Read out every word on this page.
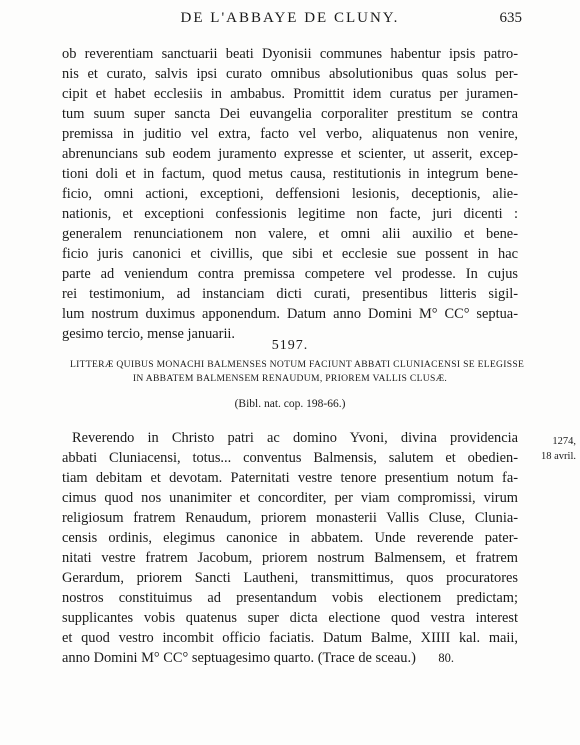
DE L'ABBAYE DE CLUNY.	635
ob reverentiam sanctuarii beati Dyonisii communes habentur ipsis patro-
nis et curato, salvis ipsi curato omnibus absolutionibus quas solus per-
cipit et habet ecclesiis in ambabus. Promittit idem curatus per juramen-
tum suum super sancta Dei euvangelia corporaliter prestitum se contra
premissa in juditio vel extra, facto vel verbo, aliquatenus non venire,
abrenuncians sub eodem juramento expresse et scienter, ut asserit, excep-
tioni doli et in factum, quod metus causa, restitutionis in integrum bene-
ficio, omni actioni, exceptioni, deffensioni lesionis, deceptionis, alie-
nationis, et exceptioni confessionis legitime non facte, juri dicenti :
generalem renunciationem non valere, et omni alii auxilio et bene-
ficio juris canonici et civillis, que sibi et ecclesie sue possent in hac
parte ad veniendum contra premissa competere vel prodesse. In cujus
rei testimonium, ad instanciam dicti curati, presentibus litteris sigil-
lum nostrum duximus apponendum. Datum anno Domini M° CC° septua-
gesimo tercio, mense januarii.
5197.
LITTERÆ QUIBUS MONACHI BALMENSES NOTUM FACIUNT ABBATI CLUNIACENSI SE ELEGISSE
IN ABBATEM BALMENSEM RENAUDUM, PRIOREM VALLIS CLUSÆ.
(Bibl. nat. cop. 198-66.)
1274,
18 avril.
Reverendo in Christo patri ac domino Yvoni, divina providencia
abbati Cluniacensi, totus... conventus Balmensis, salutem et obedien-
tiam debitam et devotam. Paternitati vestre tenore presentium notum fa-
cimus quod nos unanimiter et concorditer, per viam compromissi, virum
religiosum fratrem Renaudum, priorem monasterii Vallis Cluse, Clunia-
censis ordinis, elegimus canonice in abbatem. Unde reverende pater-
nitati vestre fratrem Jacobum, priorem nostrum Balmensem, et fratrem
Gerardum, priorem Sancti Lautheni, transmittimus, quos procuratores
nostros constituimus ad presentandum vobis electionem predictam;
supplicantes vobis quatenus super dicta electione quod vestra interest
et quod vestro incombit officio faciatis. Datum Balme, XIIII kal. maii,
anno Domini M° CC° septuagesimo quarto. (Trace de sceau.)	80.
